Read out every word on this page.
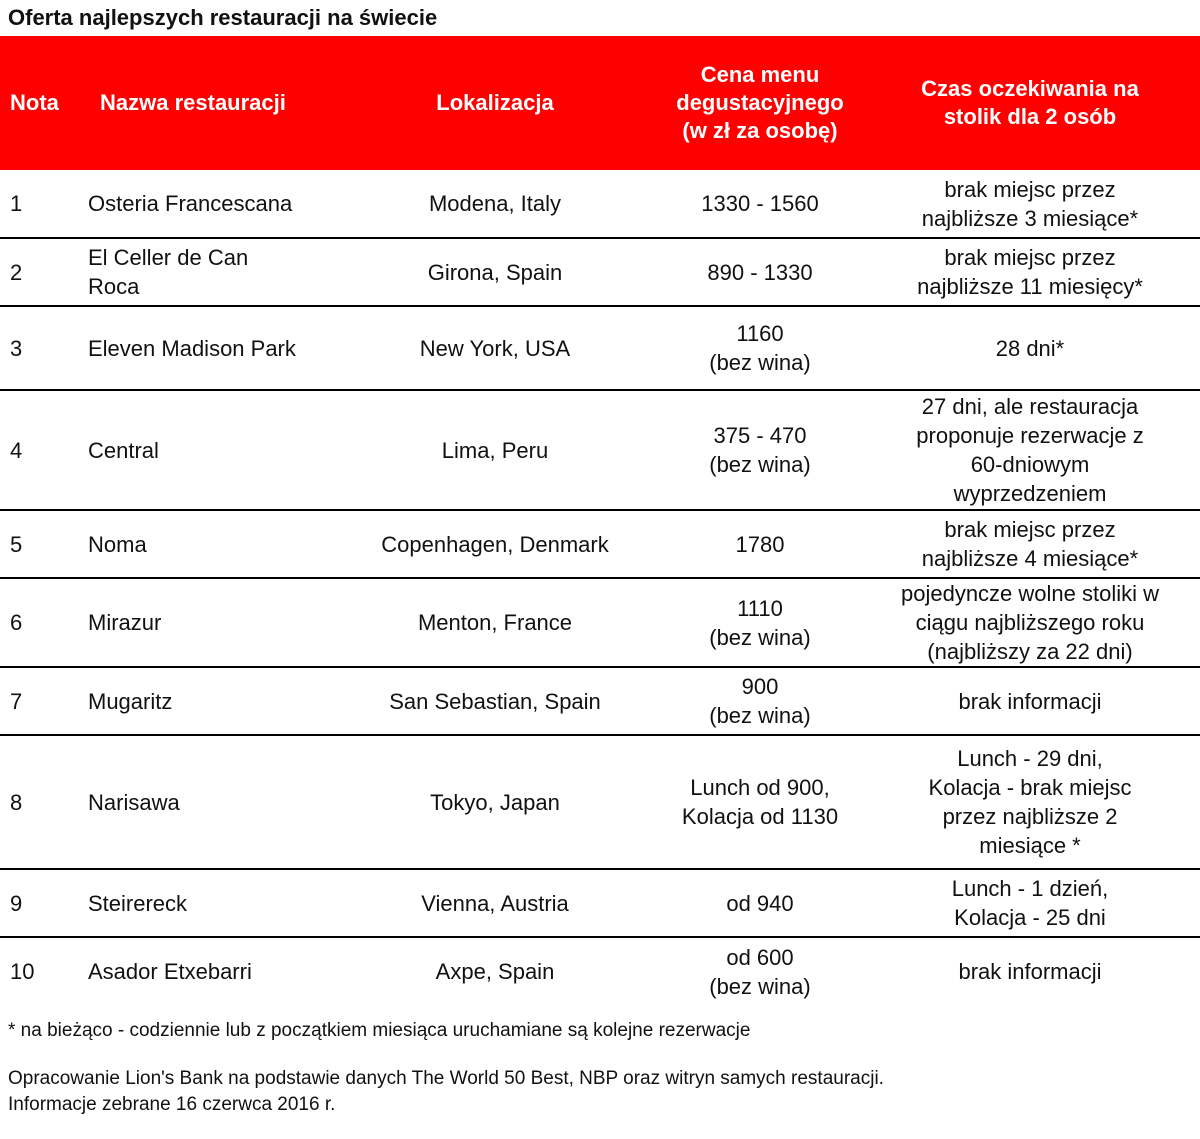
Oferta najlepszych restauracji na świecie
Nota	Nazwa restauracji	Lokalizacja	Cena menu
degustacyjnego
(w zł za osobę)	Czas oczekiwania na
stolik dla 2 osób

1	Osteria Francescana	Modena, Italy	1330 - 1560	brak miejsc przez
najbliższe 3 miesiące*

2	El Celler de Can
Roca	Girona, Spain	890 - 1330	brak miejsc przez
najbliższe 11 miesięcy*

3	Eleven Madison Park	New York, USA	1160
(bez wina)	28 dni*

4	Central	Lima, Peru	375 - 470
(bez wina)	27 dni, ale restauracja
proponuje rezerwacje z
60-dniowym
wyprzedzeniem

5	Noma	Copenhagen, Denmark	1780	brak miejsc przez
najbliższe 4 miesiące*

6	Mirazur	Menton, France	1110
(bez wina)	pojedyncze wolne stoliki w
ciągu najbliższego roku
(najbliższy za 22 dni)

7	Mugaritz	San Sebastian, Spain	900
(bez wina)	brak informacji

8	Narisawa	Tokyo, Japan	Lunch od 900,
Kolacja od 1130	Lunch - 29 dni,
Kolacja - brak miejsc
przez najbliższe 2
miesiące *

9	Steirereck	Vienna, Austria	od 940	Lunch - 1 dzień,
Kolacja - 25 dni

10	Asador Etxebarri	Axpe, Spain	od 600
(bez wina)	brak informacji
* na bieżąco - codziennie lub z początkiem miesiąca uruchamiane są kolejne rezerwacje
Opracowanie Lion's Bank na podstawie danych The World 50 Best, NBP oraz witryn samych restauracji.
Informacje zebrane 16 czerwca 2016 r.
